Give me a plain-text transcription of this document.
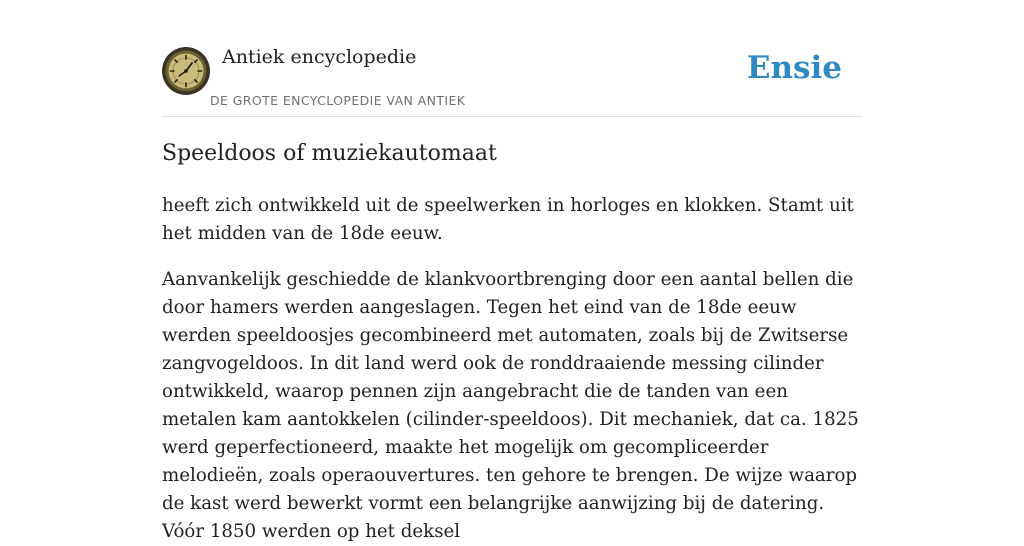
Antiek encyclopedie
DE GROTE ENCYCLOPEDIE VAN ANTIEK
Ensie
Speeldoos of muziekautomaat

heeft zich ontwikkeld uit de speelwerken in horloges en klokken. Stamt uit het midden van de 18de eeuw.

Aanvankelijk geschiedde de klankvoortbrenging door een aantal bellen die door hamers werden aangeslagen. Tegen het eind van de 18de eeuw werden speeldoosjes gecombineerd met automaten, zoals bij de Zwitserse zangvogeldoos. In dit land werd ook de ronddraaiende messing cilinder ontwikkeld, waarop pennen zijn aangebracht die de tanden van een metalen kam aantokkelen (cilinder-speeldoos). Dit mechaniek, dat ca. 1825 werd geperfectioneerd, maakte het mogelijk om gecompliceerder melodieën, zoals operaouvertures. ten gehore te brengen. De wijze waarop de kast werd bewerkt vormt een belangrijke aanwijzing bij de datering. Vóór 1850 werden op het deksel
